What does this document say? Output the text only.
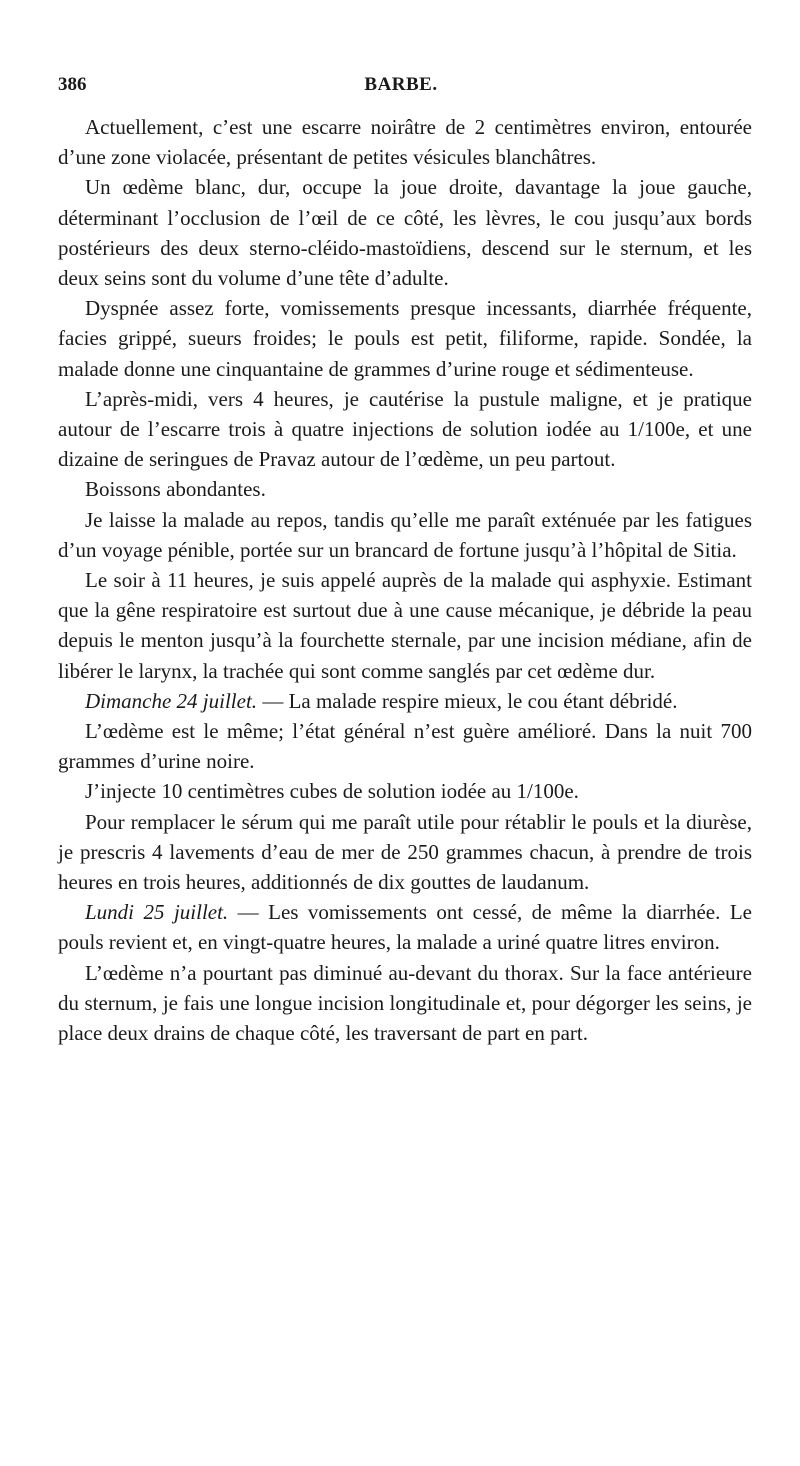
386	BARBE.

Actuellement, c’est une escarre noirâtre de 2 centimètres environ, entourée d’une zone violacée, présentant de petites vésicules blanchâtres.

Un œdème blanc, dur, occupe la joue droite, davantage la joue gauche, déterminant l’occlusion de l’œil de ce côté, les lèvres, le cou jusqu’aux bords postérieurs des deux sterno-cléido-mastoïdiens, descend sur le sternum, et les deux seins sont du volume d’une tête d’adulte.

Dyspnée assez forte, vomissements presque incessants, diarrhée fréquente, facies grippé, sueurs froides; le pouls est petit, filiforme, rapide. Sondée, la malade donne une cinquantaine de grammes d’urine rouge et sédimenteuse.

L’après-midi, vers 4 heures, je cautérise la pustule maligne, et je pratique autour de l’escarre trois à quatre injections de solution iodée au 1/100e, et une dizaine de seringues de Pravaz autour de l’œdème, un peu partout.

Boissons abondantes.

Je laisse la malade au repos, tandis qu’elle me paraît exténuée par les fatigues d’un voyage pénible, portée sur un brancard de fortune jusqu’à l’hôpital de Sitia.

Le soir à 11 heures, je suis appelé auprès de la malade qui asphyxie. Estimant que la gêne respiratoire est surtout due à une cause mécanique, je débride la peau depuis le menton jusqu’à la fourchette sternale, par une incision médiane, afin de libérer le larynx, la trachée qui sont comme sanglés par cet œdème dur.

Dimanche 24 juillet. — La malade respire mieux, le cou étant débridé.

L’œdème est le même; l’état général n’est guère amélioré. Dans la nuit 700 grammes d’urine noire.

J’injecte 10 centimètres cubes de solution iodée au 1/100e.

Pour remplacer le sérum qui me paraît utile pour rétablir le pouls et la diurèse, je prescris 4 lavements d’eau de mer de 250 grammes chacun, à prendre de trois heures en trois heures, additionnés de dix gouttes de laudanum.

Lundi 25 juillet. — Les vomissements ont cessé, de même la diarrhée. Le pouls revient et, en vingt-quatre heures, la malade a uriné quatre litres environ.

L’œdème n’a pourtant pas diminué au-devant du thorax. Sur la face antérieure du sternum, je fais une longue incision longitudinale et, pour dégorger les seins, je place deux drains de chaque côté, les traversant de part en part.
